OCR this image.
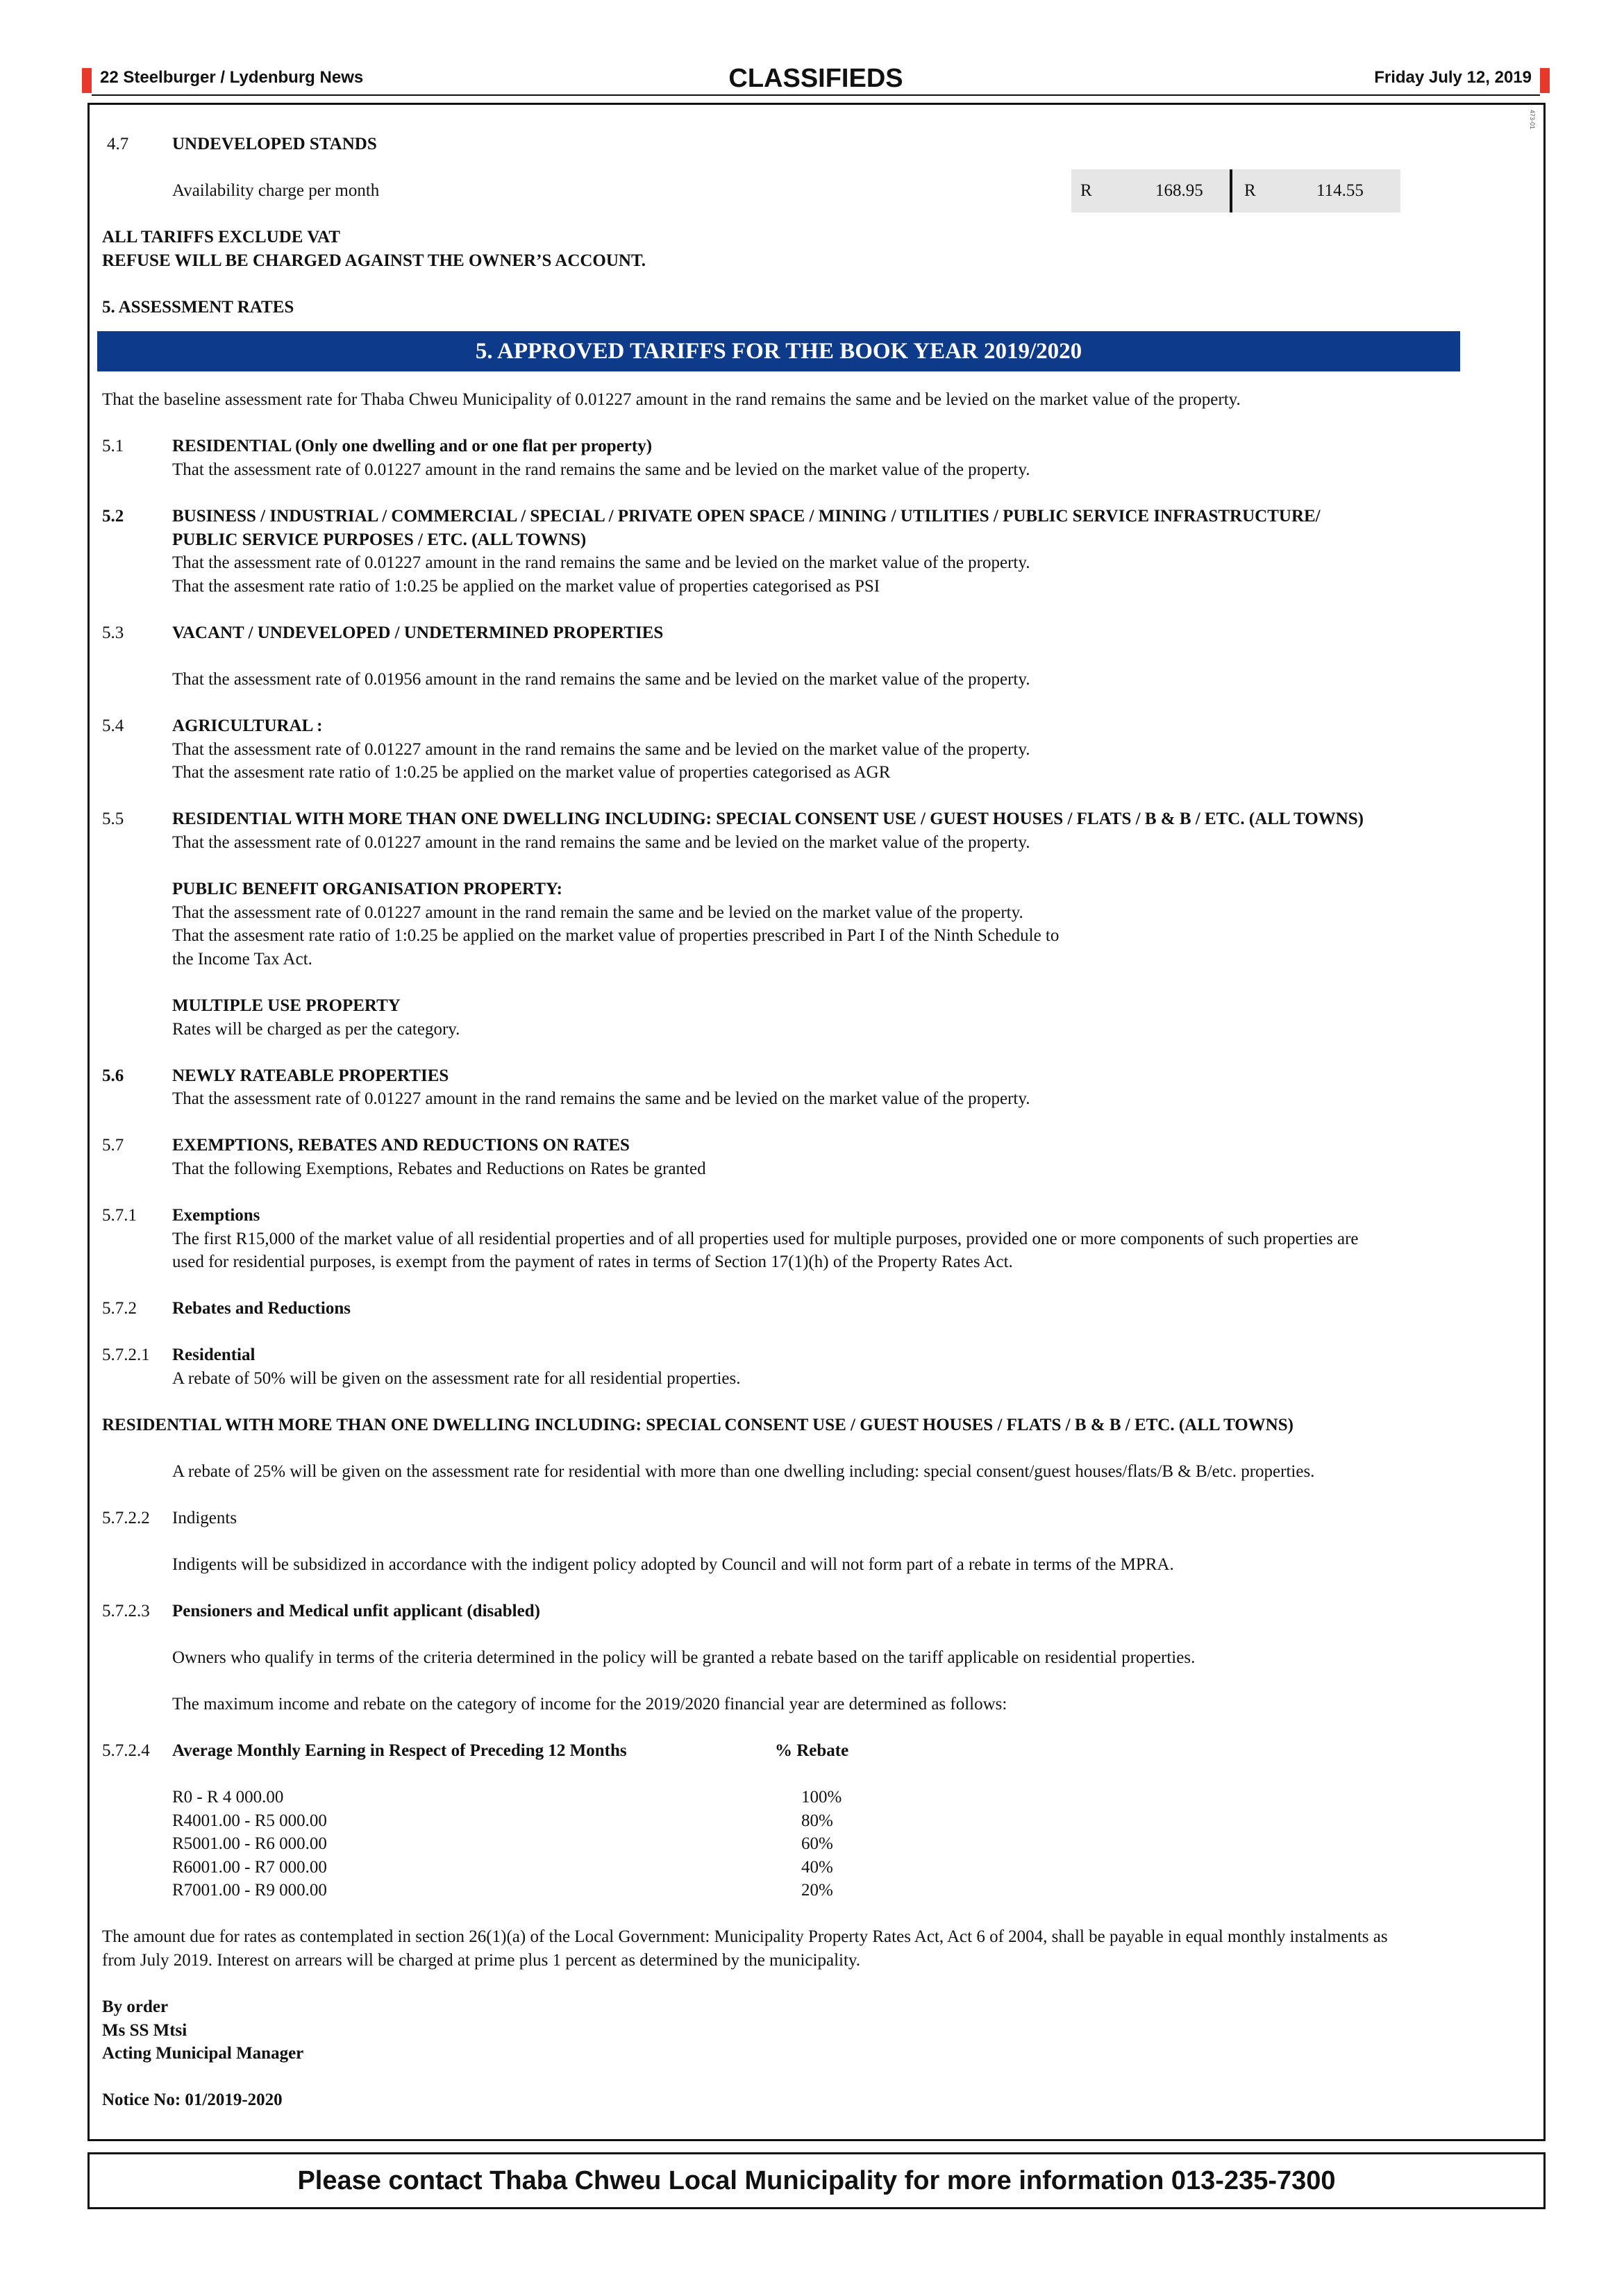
22 Steelburger / Lydenburg News	CLASSIFIEDS	Friday July 12, 2019
473-01
4.7	UNDEVELOPED STANDS
Availability charge per month	R	168.95 R	114.55
ALL TARIFFS EXCLUDE VAT
REFUSE WILL BE CHARGED AGAINST THE OWNER’S ACCOUNT.
5. ASSESSMENT RATES
5. APPROVED TARIFFS FOR THE BOOK YEAR 2019/2020
That the baseline assessment rate for Thaba Chweu Municipality of 0.01227 amount in the rand remains the same and be levied on the market value of the property.
5.1	RESIDENTIAL (Only one dwelling and or one flat per property)
That the assessment rate of 0.01227 amount in the rand remains the same and be levied on the market value of the property.
5.2	BUSINESS / INDUSTRIAL / COMMERCIAL / SPECIAL / PRIVATE OPEN SPACE / MINING / UTILITIES / PUBLIC SERVICE INFRASTRUCTURE/
PUBLIC SERVICE PURPOSES / ETC. (ALL TOWNS)
That the assessment rate of 0.01227 amount in the rand remains the same and be levied on the market value of the property.
That the assesment rate ratio of 1:0.25 be applied on the market value of properties categorised as PSI
5.3	VACANT / UNDEVELOPED / UNDETERMINED PROPERTIES
That the assessment rate of 0.01956 amount in the rand remains the same and be levied on the market value of the property.
5.4	AGRICULTURAL :
That the assessment rate of 0.01227 amount in the rand remains the same and be levied on the market value of the property.
That the assesment rate ratio of 1:0.25 be applied on the market value of properties categorised as AGR
5.5	RESIDENTIAL WITH MORE THAN ONE DWELLING INCLUDING: SPECIAL CONSENT USE / GUEST HOUSES / FLATS / B & B / ETC. (ALL TOWNS)
That the assessment rate of 0.01227 amount in the rand remains the same and be levied on the market value of the property.
PUBLIC BENEFIT ORGANISATION PROPERTY:
That the assessment rate of 0.01227 amount in the rand remain the same and be levied on the market value of the property.
That the assesment rate ratio of 1:0.25 be applied on the market value of properties prescribed in Part I of the Ninth Schedule to
the Income Tax Act.
MULTIPLE USE PROPERTY
Rates will be charged as per the category.
5.6	NEWLY RATEABLE PROPERTIES
That the assessment rate of 0.01227 amount in the rand remains the same and be levied on the market value of the property.
5.7	EXEMPTIONS, REBATES AND REDUCTIONS ON RATES
That the following Exemptions, Rebates and Reductions on Rates be granted
5.7.1 Exemptions
The first R15,000 of the market value of all residential properties and of all properties used for multiple purposes, provided one or more components of such properties are
used for residential purposes, is exempt from the payment of rates in terms of Section 17(1)(h) of the Property Rates Act.
5.7.2 Rebates and Reductions
5.7.2.1 Residential
A rebate of 50% will be given on the assessment rate for all residential properties.
RESIDENTIAL WITH MORE THAN ONE DWELLING INCLUDING: SPECIAL CONSENT USE / GUEST HOUSES / FLATS / B & B / ETC. (ALL TOWNS)
A rebate of 25% will be given on the assessment rate for residential with more than one dwelling including: special consent/guest houses/flats/B & B/etc. properties.
5.7.2.2 Indigents
Indigents will be subsidized in accordance with the indigent policy adopted by Council and will not form part of a rebate in terms of the MPRA.
5.7.2.3 Pensioners and Medical unfit applicant (disabled)
Owners who qualify in terms of the criteria determined in the policy will be granted a rebate based on the tariff applicable on residential properties.
The maximum income and rebate on the category of income for the 2019/2020 financial year are determined as follows:
5.7.2.4 Average Monthly Earning in Respect of Preceding 12 Months	% Rebate
R0 - R 4 000.00	100%
R4001.00 - R5 000.00	80%
R5001.00 - R6 000.00	60%
R6001.00 - R7 000.00	40%
R7001.00 - R9 000.00	20%
The amount due for rates as contemplated in section 26(1)(a) of the Local Government: Municipality Property Rates Act, Act 6 of 2004, shall be payable in equal monthly instalments as
from July 2019. Interest on arrears will be charged at prime plus 1 percent as determined by the municipality.
By order
Ms SS Mtsi
Acting Municipal Manager
Notice No: 01/2019-2020
Please contact Thaba Chweu Local Municipality for more information 013-235-7300
